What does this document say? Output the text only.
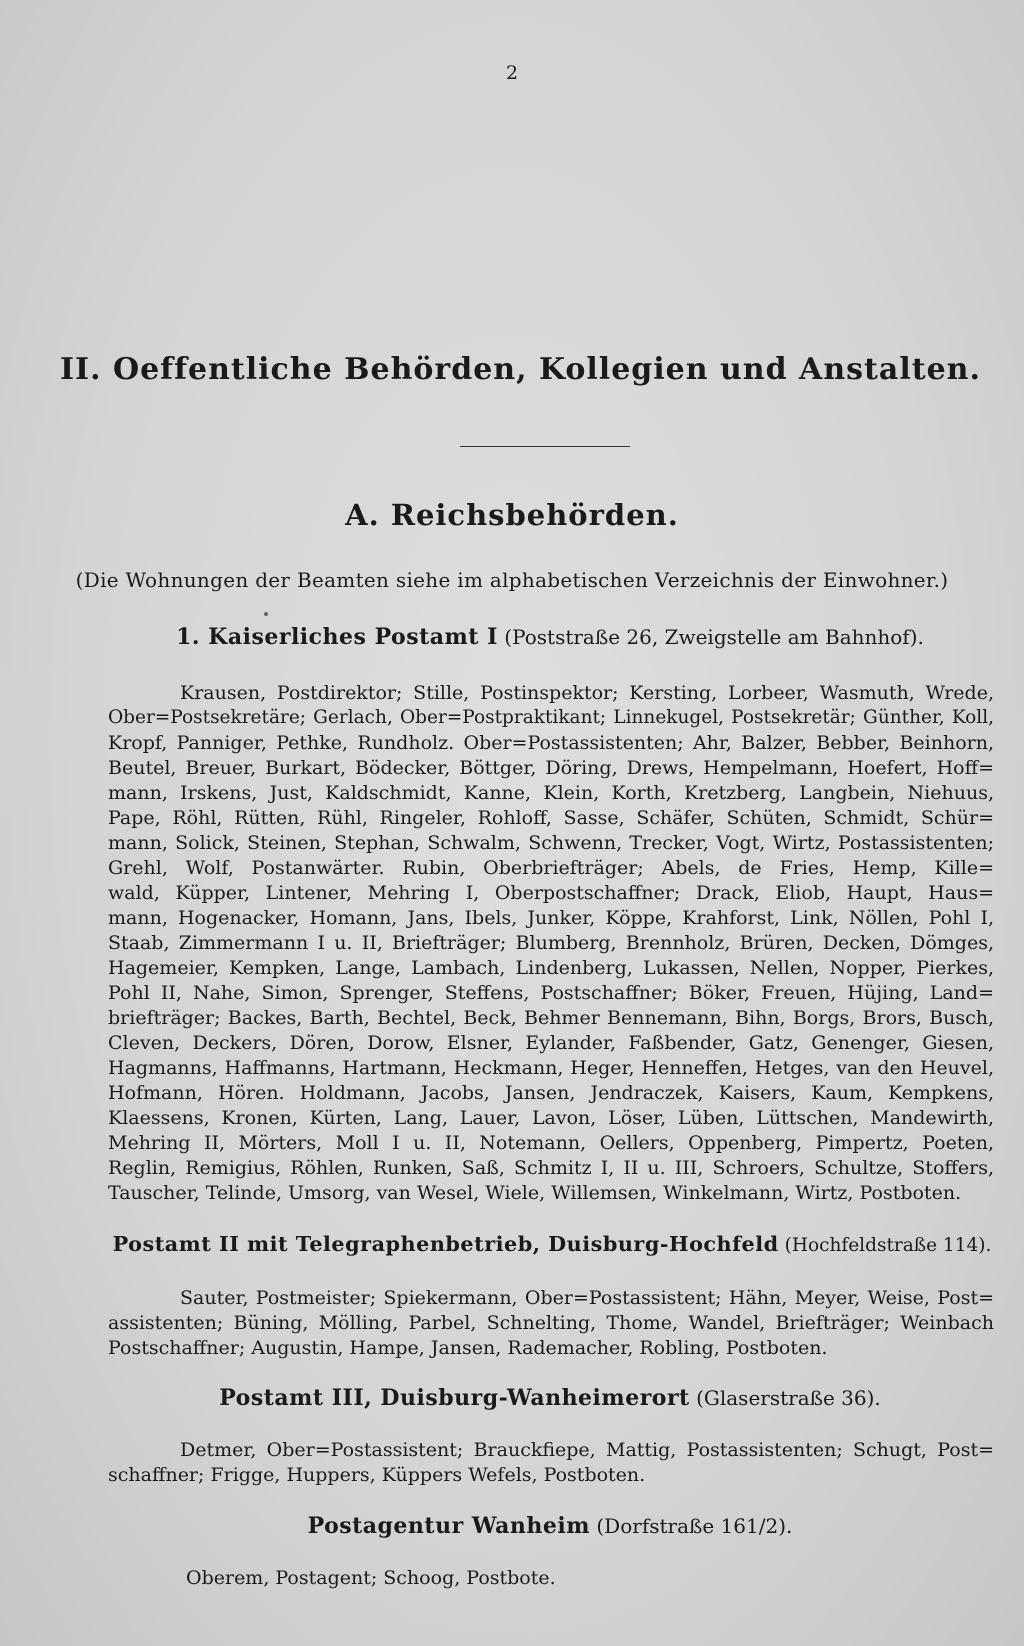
2
II. Oeffentliche Behörden, Kollegien und Anstalten.
A. Reichsbehörden.
(Die Wohnungen der Beamten siehe im alphabetischen Verzeichnis der Einwohner.)
1. Kaiserliches Postamt I (Poststraße 26, Zweigstelle am Bahnhof).
Krausen, Postdirektor; Stille, Postinspektor; Kersting, Lorbeer, Wasmuth, Wrede,
Ober=Postsekretäre; Gerlach, Ober=Postpraktikant; Linnekugel, Postsekretär; Günther, Koll,
Kropf, Panniger, Pethke, Rundholz. Ober=Postassistenten; Ahr, Balzer, Bebber, Beinhorn,
Beutel, Breuer, Burkart, Bödecker, Böttger, Döring, Drews, Hempelmann, Hoefert, Hoff=
mann, Irskens, Just, Kaldschmidt, Kanne, Klein, Korth, Kretzberg, Langbein, Niehuus,
Pape, Röhl, Rütten, Rühl, Ringeler, Rohloff, Sasse, Schäfer, Schüten, Schmidt, Schür=
mann, Solick, Steinen, Stephan, Schwalm, Schwenn, Trecker, Vogt, Wirtz, Postassistenten;
Grehl, Wolf, Postanwärter. Rubin, Oberbriefträger; Abels, de Fries, Hemp, Kille=
wald, Küpper, Lintener, Mehring I, Oberpostschaffner; Drack, Eliob, Haupt, Haus=
mann, Hogenacker, Homann, Jans, Ibels, Junker, Köppe, Krahforst, Link, Nöllen, Pohl I,
Staab, Zimmermann I u. II, Briefträger; Blumberg, Brennholz, Brüren, Decken, Dömges,
Hagemeier, Kempken, Lange, Lambach, Lindenberg, Lukassen, Nellen, Nopper, Pierkes,
Pohl II, Nahe, Simon, Sprenger, Steffens, Postschaffner; Böker, Freuen, Hüjing, Land=
briefträger; Backes, Barth, Bechtel, Beck, Behmer Bennemann, Bihn, Borgs, Brors, Busch,
Cleven, Deckers, Dören, Dorow, Elsner, Eylander, Faßbender, Gatz, Genenger, Giesen,
Hagmanns, Haffmanns, Hartmann, Heckmann, Heger, Henneffen, Hetges, van den Heuvel,
Hofmann, Hören. Holdmann, Jacobs, Jansen, Jendraczek, Kaisers, Kaum, Kempkens,
Klaessens, Kronen, Kürten, Lang, Lauer, Lavon, Löser, Lüben, Lüttschen, Mandewirth,
Mehring II, Mörters, Moll I u. II, Notemann, Oellers, Oppenberg, Pimpertz, Poeten,
Reglin, Remigius, Röhlen, Runken, Saß, Schmitz I, II u. III, Schroers, Schultze, Stoffers,
Tauscher, Telinde, Umsorg, van Wesel, Wiele, Willemsen, Winkelmann, Wirtz, Postboten.
Postamt II mit Telegraphenbetrieb, Duisburg-Hochfeld (Hochfeldstraße 114).
Sauter, Postmeister; Spiekermann, Ober=Postassistent; Hähn, Meyer, Weise, Post=
assistenten; Büning, Mölling, Parbel, Schnelting, Thome, Wandel, Briefträger; Weinbach
Postschaffner; Augustin, Hampe, Jansen, Rademacher, Robling, Postboten.
Postamt III, Duisburg-Wanheimerort (Glaserstraße 36).
Detmer, Ober=Postassistent; Brauckfiepe, Mattig, Postassistenten; Schugt, Post=
schaffner; Frigge, Huppers, Küppers Wefels, Postboten.
Postagentur Wanheim (Dorfstraße 161/2).
Oberem, Postagent; Schoog, Postbote.
